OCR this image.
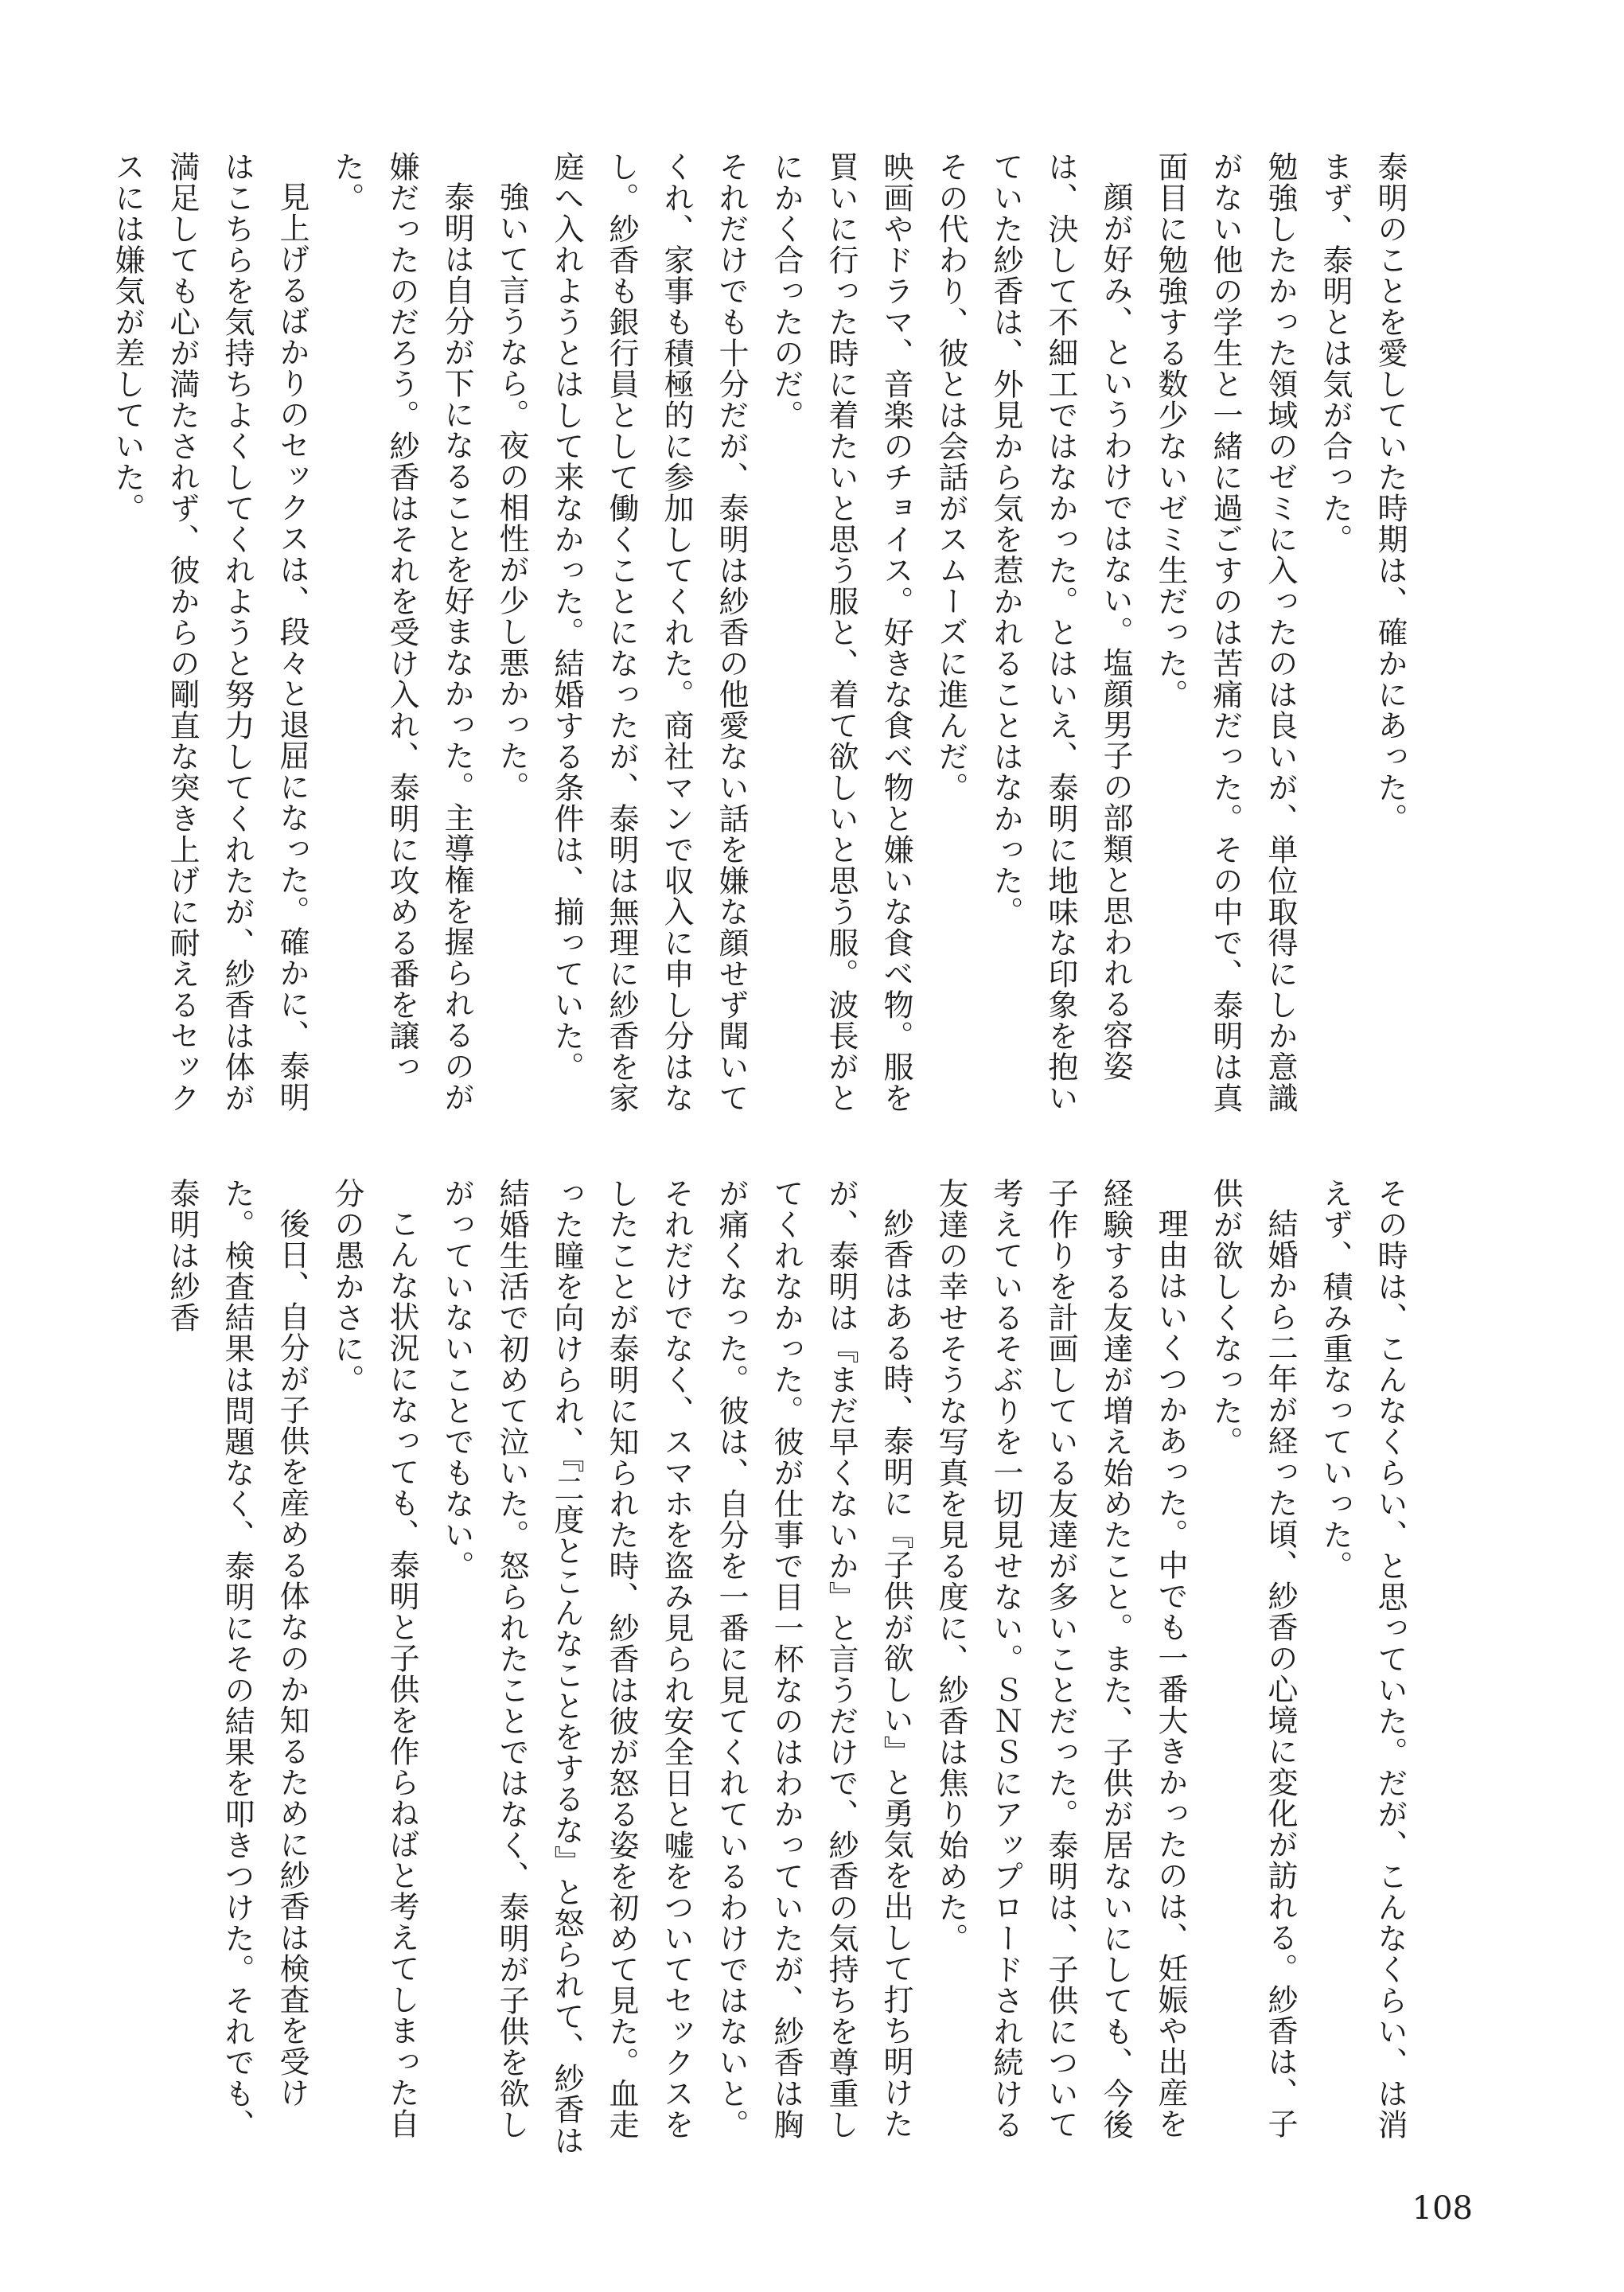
泰明のことを愛していた時期は、確かにあった。
まず、泰明とは気が合った。
勉強したかった領域のゼミに入ったのは良いが、単位取得にしか意識がない他の学生と一緒に過ごすのは苦痛だった。その中で、泰明は真面目に勉強する数少ないゼミ生だった。
顔が好み、というわけではない。塩顔男子の部類と思われる容姿は、決して不細工ではなかった。とはいえ、泰明に地味な印象を抱いていた紗香は、外見から気を惹かれることはなかった。
その代わり、彼とは会話がスムーズに進んだ。
映画やドラマ、音楽のチョイス。好きな食べ物と嫌いな食べ物。服を買いに行った時に着たいと思う服と、着て欲しいと思う服。波長がとにかく合ったのだ。
それだけでも十分だが、泰明は紗香の他愛ない話を嫌な顔せず聞いてくれ、家事も積極的に参加してくれた。商社マンで収入に申し分はなし。紗香も銀行員として働くことになったが、泰明は無理に紗香を家庭へ入れようとはして来なかった。結婚する条件は、揃っていた。
強いて言うなら。夜の相性が少し悪かった。
泰明は自分が下になることを好まなかった。主導権を握られるのが嫌だったのだろう。紗香はそれを受け入れ、泰明に攻める番を譲った。
見上げるばかりのセックスは、段々と退屈になった。確かに、泰明はこちらを気持ちよくしてくれようと努力してくれたが、紗香は体が満足しても心が満たされず、彼からの剛直な突き上げに耐えるセックスには嫌気が差していた。
その時は、こんなくらい、と思っていた。だが、こんなくらい、は消えず、積み重なっていった。
結婚から二年が経った頃、紗香の心境に変化が訪れる。紗香は、子供が欲しくなった。
理由はいくつかあった。中でも一番大きかったのは、妊娠や出産を経験する友達が増え始めたこと。また、子供が居ないにしても、今後子作りを計画している友達が多いことだった。泰明は、子供について考えているそぶりを一切見せない。ＳＮＳにアップロードされ続ける友達の幸せそうな写真を見る度に、紗香は焦り始めた。
紗香はある時、泰明に『子供が欲しい』と勇気を出して打ち明けたが、泰明は『まだ早くないか』と言うだけで、紗香の気持ちを尊重してくれなかった。彼が仕事で目一杯なのはわかっていたが、紗香は胸が痛くなった。彼は、自分を一番に見てくれているわけではないと。
それだけでなく、スマホを盗み見られ安全日と嘘をついてセックスをしたことが泰明に知られた時、紗香は彼が怒る姿を初めて見た。血走った瞳を向けられ、『二度とこんなことをするな』と怒られて、紗香は結婚生活で初めて泣いた。怒られたことではなく、泰明が子供を欲しがっていないことでもない。
こんな状況になっても、泰明と子供を作らねばと考えてしまった自分の愚かさに。
後日、自分が子供を産める体なのか知るために紗香は検査を受けた。検査結果は問題なく、泰明にその結果を叩きつけた。それでも、泰明は紗香
108
